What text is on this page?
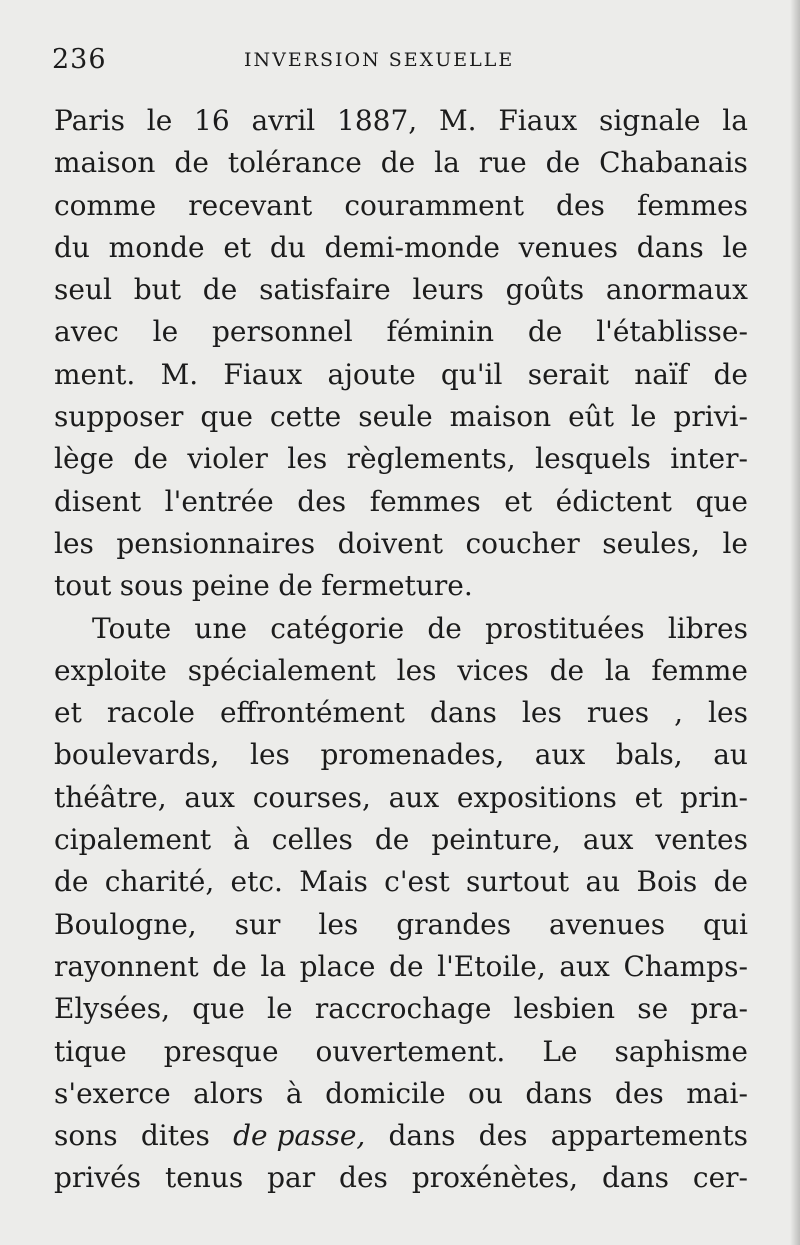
236	INVERSION SEXUELLE
Paris le 16 avril 1887, M. Fiaux signale la
maison de tolérance de la rue de Chabanais
comme recevant couramment des femmes
du monde et du demi-monde venues dans le
seul but de satisfaire leurs goûts anormaux
avec le personnel féminin de l'établisse-
ment. M. Fiaux ajoute qu'il serait naïf de
supposer que cette seule maison eût le privi-
lège de violer les règlements, lesquels inter-
disent l'entrée des femmes et édictent que
les pensionnaires doivent coucher seules, le
tout sous peine de fermeture.
Toute une catégorie de prostituées libres
exploite spécialement les vices de la femme
et racole effrontément dans les rues , les
boulevards, les promenades, aux bals, au
théâtre, aux courses, aux expositions et prin-
cipalement à celles de peinture, aux ventes
de charité, etc. Mais c'est surtout au Bois de
Boulogne, sur les grandes avenues qui
rayonnent de la place de l'Etoile, aux Champs-
Elysées, que le raccrochage lesbien se pra-
tique presque ouvertement. Le saphisme
s'exerce alors à domicile ou dans des mai-
sons dites de passe, dans des appartements
privés tenus par des proxénètes, dans cer-
